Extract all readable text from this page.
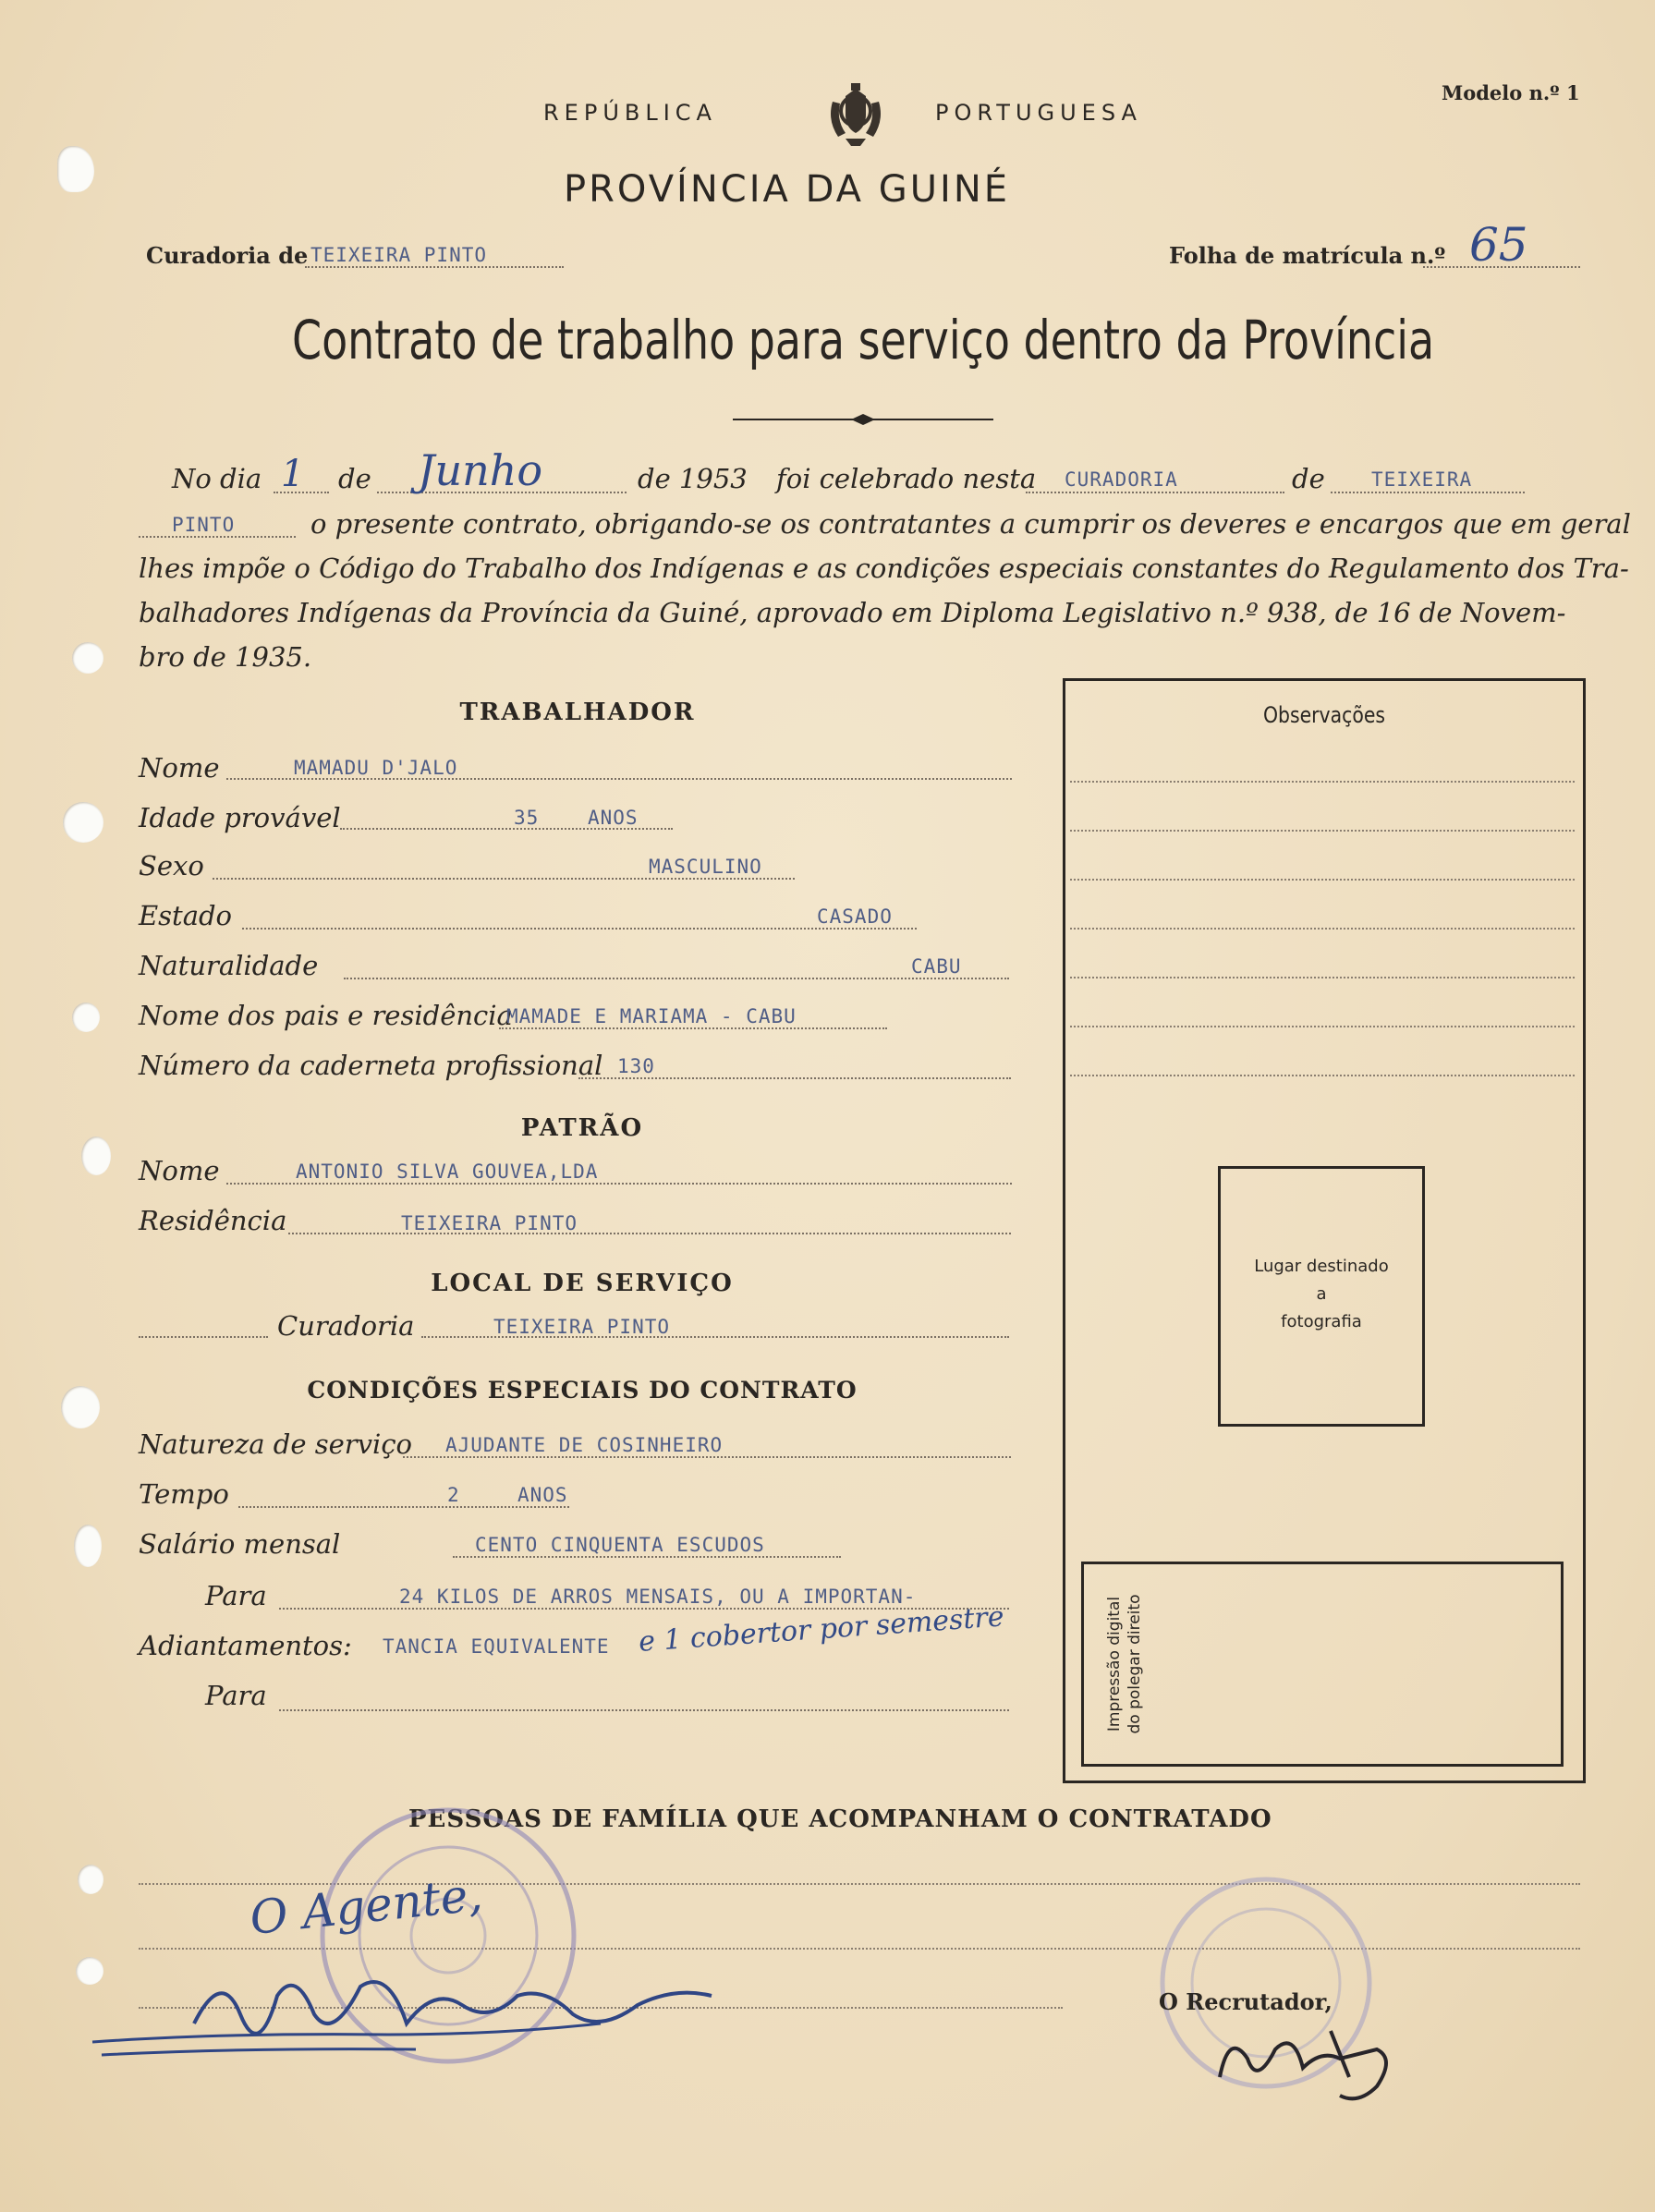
Modelo n.º 1
REPÚBLICA	PORTUGUESA
PROVÍNCIA DA GUINÉ
Curadoria de TEIXEIRA PINTO	Folha de matrícula n.º 65
Contrato de trabalho para serviço dentro da Província
No dia 1 de Junho	de 1953 foi celebrado nesta CURADORIA	de TEIXEIRA
PINTO	o presente contrato, obrigando-se os contratantes a cumprir os deveres e encargos que em geral
lhes impõe o Código do Trabalho dos Indígenas e as condições especiais constantes do Regulamento dos Tra-
balhadores Indígenas da Província da Guiné, aprovado em Diploma Legislativo n.º 938, de 16 de Novem-
bro de 1935.
TRABALHADOR
Nome	MAMADU D'JALO
Idade provável	35	ANOS
Sexo	MASCULINO
Estado	CASADO
Naturalidade	CABU
Nome dos pais e residência
MAMADE E MARIAMA - CABU
Número da caderneta profissional 130
PATRÃO
Nome	ANTONIO SILVA GOUVEA,LDA
Residência	TEIXEIRA PINTO
LOCAL DE SERVIÇO
Curadoria	TEIXEIRA PINTO
CONDIÇÕES ESPECIAIS DO CONTRATO
Natureza de serviço AJUDANTE DE COSINHEIRO
Tempo	2	ANOS
Salário mensal	CENTO CINQUENTA ESCUDOS
Para	24 KILOS DE ARROS MENSAIS, OU A IMPORTAN-
Adiantamentos: TANCIA EQUIVALENTE e 1 cobertor por semestre
Para
Observações
Lugar destinado
a
fotografia
Impressão digital do polegar direito
PESSOAS DE FAMÍLIA QUE ACOMPANHAM O CONTRATADO
O Agente,
O Recrutador,
